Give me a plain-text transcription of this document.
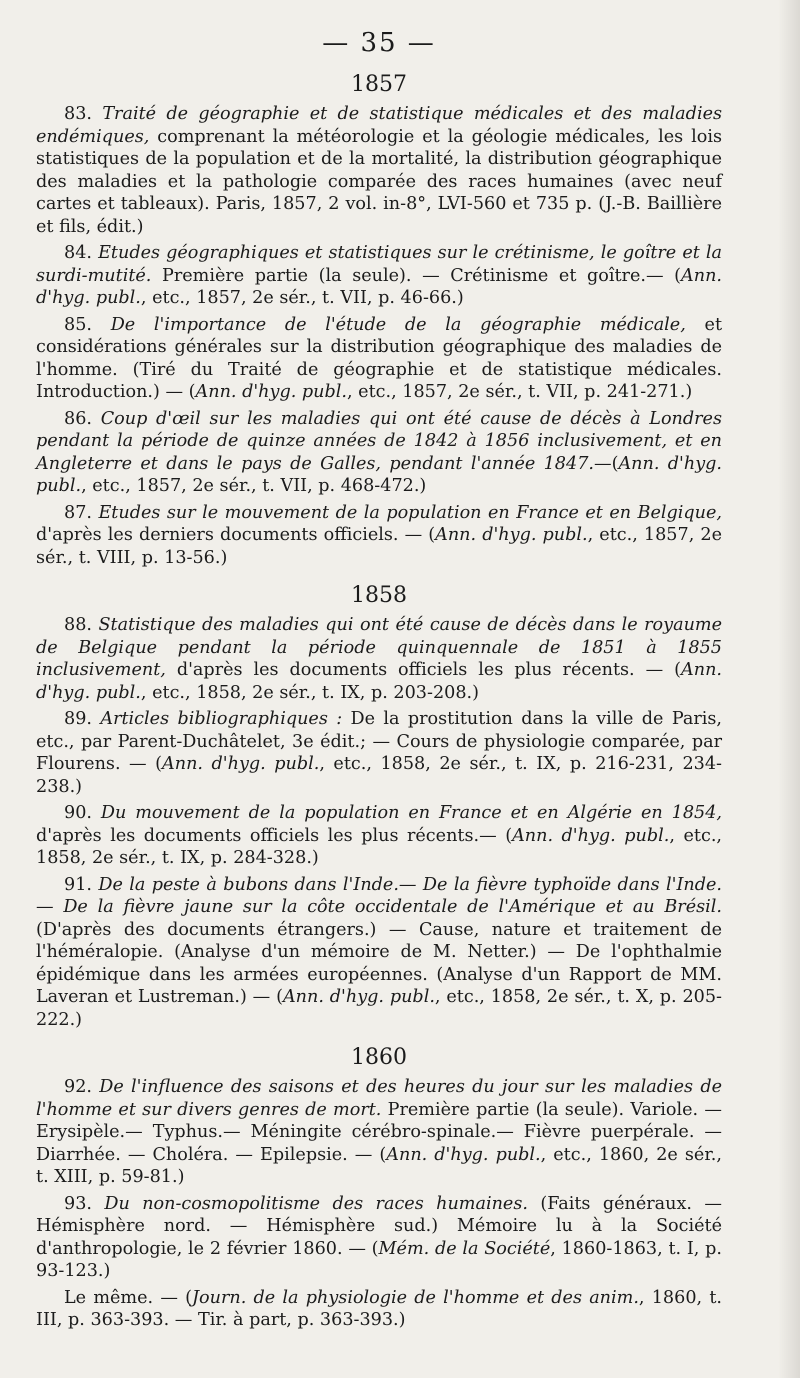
— 35 —
1857

83. Traité de géographie et de statistique médicales et des maladies endémiques, comprenant la météorologie et la géologie médicales, les lois statistiques de la population et de la mortalité, la distribution géographique des maladies et la pathologie comparée des races humaines (avec neuf cartes et tableaux). Paris, 1857, 2 vol. in-8°, LVI-560 et 735 p. (J.-B. Baillière et fils, édit.)

84. Etudes géographiques et statistiques sur le crétinisme, le goître et la surdi-mutité. Première partie (la seule). — Crétinisme et goître.— (Ann. d'hyg. publ., etc., 1857, 2e sér., t. VII, p. 46-66.)

85. De l'importance de l'étude de la géographie médicale, et considérations générales sur la distribution géographique des maladies de l'homme. (Tiré du Traité de géographie et de statistique médicales. Introduction.) — (Ann. d'hyg. publ., etc., 1857, 2e sér., t. VII, p. 241-271.)

86. Coup d'œil sur les maladies qui ont été cause de décès à Londres pendant la période de quinze années de 1842 à 1856 inclusivement, et en Angleterre et dans le pays de Galles, pendant l'année 1847.—(Ann. d'hyg. publ., etc., 1857, 2e sér., t. VII, p. 468-472.)

87. Etudes sur le mouvement de la population en France et en Belgique, d'après les derniers documents officiels. — (Ann. d'hyg. publ., etc., 1857, 2e sér., t. VIII, p. 13-56.)

1858

88. Statistique des maladies qui ont été cause de décès dans le royaume de Belgique pendant la période quinquennale de 1851 à 1855 inclusivement, d'après les documents officiels les plus récents. — (Ann. d'hyg. publ., etc., 1858, 2e sér., t. IX, p. 203-208.)

89. Articles bibliographiques : De la prostitution dans la ville de Paris, etc., par Parent-Duchâtelet, 3e édit.; — Cours de physiologie comparée, par Flourens. — (Ann. d'hyg. publ., etc., 1858, 2e sér., t. IX, p. 216-231, 234-238.)

90. Du mouvement de la population en France et en Algérie en 1854, d'après les documents officiels les plus récents.— (Ann. d'hyg. publ., etc., 1858, 2e sér., t. IX, p. 284-328.)

91. De la peste à bubons dans l'Inde.— De la fièvre typhoïde dans l'Inde. — De la fièvre jaune sur la côte occidentale de l'Amérique et au Brésil. (D'après des documents étrangers.) — Cause, nature et traitement de l'héméralopie. (Analyse d'un mémoire de M. Netter.) — De l'ophthalmie épidémique dans les armées européennes. (Analyse d'un Rapport de MM. Laveran et Lustreman.) — (Ann. d'hyg. publ., etc., 1858, 2e sér., t. X, p. 205-222.)

1860

92. De l'influence des saisons et des heures du jour sur les maladies de l'homme et sur divers genres de mort. Première partie (la seule). Variole. — Erysipèle.— Typhus.— Méningite cérébro-spinale.— Fièvre puerpérale. — Diarrhée. — Choléra. — Epilepsie. — (Ann. d'hyg. publ., etc., 1860, 2e sér., t. XIII, p. 59-81.)

93. Du non-cosmopolitisme des races humaines. (Faits généraux. — Hémisphère nord. — Hémisphère sud.) Mémoire lu à la Société d'anthropologie, le 2 février 1860. — (Mém. de la Société, 1860-1863, t. I, p. 93-123.)

Le même. — (Journ. de la physiologie de l'homme et des anim., 1860, t. III, p. 363-393. — Tir. à part, p. 363-393.)
